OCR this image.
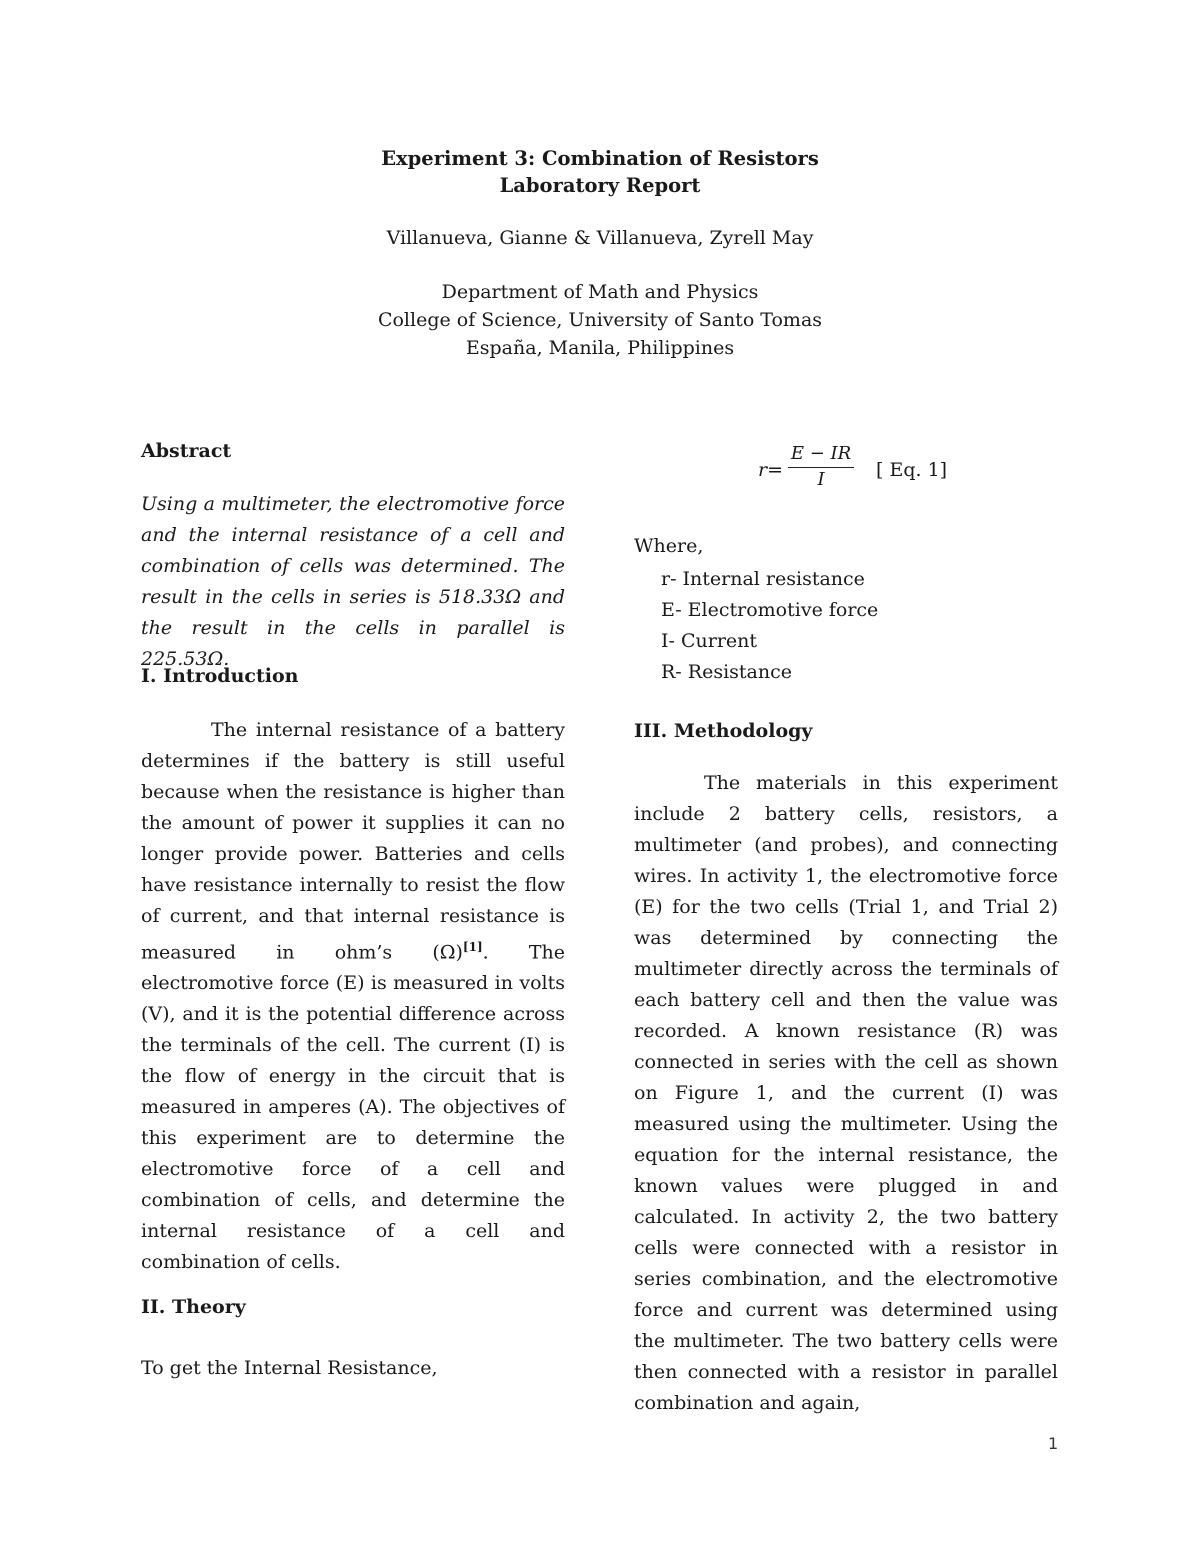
Experiment 3: Combination of Resistors
Laboratory Report
Villanueva, Gianne & Villanueva, Zyrell May
Department of Math and Physics
College of Science, University of Santo Tomas
España, Manila, Philippines
Abstract
Using a multimeter, the electromotive force and the internal resistance of a cell and combination of cells was determined. The result in the cells in series is 518.33Ω and the result in the cells in parallel is 225.53Ω.
I. Introduction
The internal resistance of a battery determines if the battery is still useful because when the resistance is higher than the amount of power it supplies it can no longer provide power. Batteries and cells have resistance internally to resist the flow of current, and that internal resistance is measured in ohm’s (Ω)[1]. The electromotive force (E) is measured in volts (V), and it is the potential difference across the terminals of the cell. The current (I) is the flow of energy in the circuit that is measured in amperes (A). The objectives of this experiment are to determine the electromotive force of a cell and combination of cells, and determine the internal resistance of a cell and combination of cells.
II. Theory
To get the Internal Resistance,
r=
E − IR
I	[ Eq. 1]
Where,
r- Internal resistance
E- Electromotive force
I- Current
R- Resistance
III. Methodology
The materials in this experiment include 2 battery cells, resistors, a multimeter (and probes), and connecting wires. In activity 1, the electromotive force (E) for the two cells (Trial 1, and Trial 2) was determined by connecting the multimeter directly across the terminals of each battery cell and then the value was recorded. A known resistance (R) was connected in series with the cell as shown on Figure 1, and the current (I) was measured using the multimeter. Using the equation for the internal resistance, the known values were plugged in and calculated. In activity 2, the two battery cells were connected with a resistor in series combination, and the electromotive force and current was determined using the multimeter. The two battery cells were then connected with a resistor in parallel combination and again,
1
